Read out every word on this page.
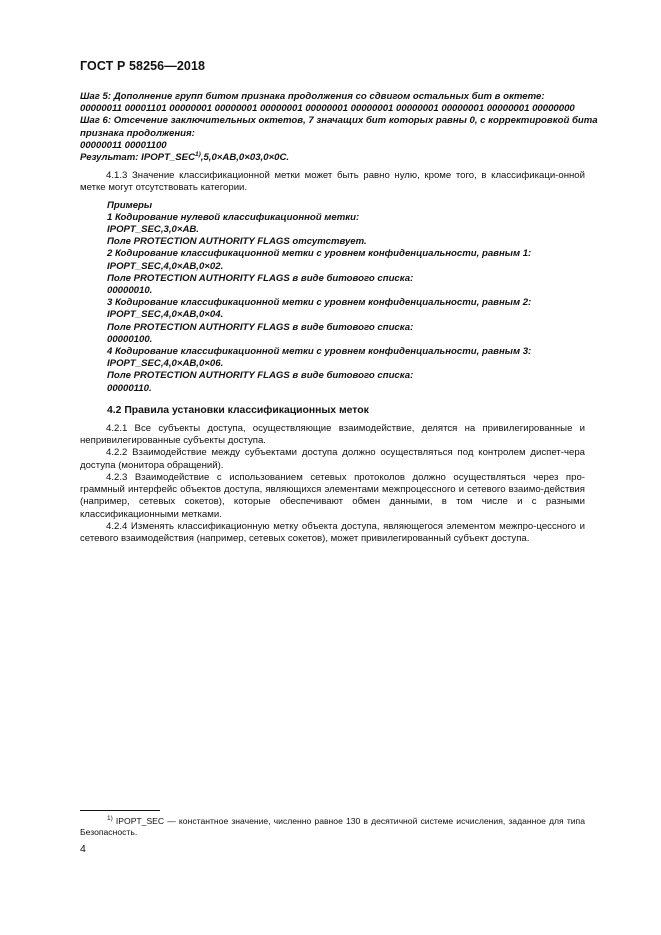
ГОСТ Р 58256—2018
Шаг 5: Дополнение групп битом признака продолжения со сдвигом остальных бит в октете:
00000011 00001101 00000001 00000001 00000001 00000001 00000001 00000001 00000001 00000001 00000000
Шаг 6: Отсечение заключительных октетов, 7 значащих бит которых равны 0, с корректировкой бита
признака продолжения:
00000011 00001100
Результат: $IPOPT\_SEC^{1)},5,0\times AB,0\times 03,0\times 0C$.

4.1.3 Значение классификационной метки может быть равно нулю, кроме того, в классификаци-онной метке могут отсутствовать категории.

Примеры
1 Кодирование нулевой классификационной метки:
IPOPT_SEC,3,0×AB.
Поле PROTECTION AUTHORITY FLAGS отсутствует.
2 Кодирование классификационной метки с уровнем конфиденциальности, равным 1:
IPOPT_SEC,4,0×AB,0×02.
Поле PROTECTION AUTHORITY FLAGS в виде битового списка:
00000010.
3 Кодирование классификационной метки с уровнем конфиденциальности, равным 2:
IPOPT_SEC,4,0×AB,0×04.
Поле PROTECTION AUTHORITY FLAGS в виде битового списка:
00000100.
4 Кодирование классификационной метки с уровнем конфиденциальности, равным 3:
IPOPT_SEC,4,0×AB,0×06.
Поле PROTECTION AUTHORITY FLAGS в виде битового списка:
00000110.
4.2 Правила установки классификационных меток

4.2.1 Все субъекты доступа, осуществляющие взаимодействие, делятся на привилегированные и непривилегированные субъекты доступа.

4.2.2 Взаимодействие между субъектами доступа должно осуществляться под контролем диспет-чера доступа (монитора обращений).

4.2.3 Взаимодействие с использованием сетевых протоколов должно осуществляться через про-граммный интерфейс объектов доступа, являющихся элементами межпроцессного и сетевого взаимо-действия (например, сетевых сокетов), которые обеспечивают обмен данными, в том числе и с разными классификационными метками.

4.2.4 Изменять классификационную метку объекта доступа, являющегося элементом межпро-цессного и сетевого взаимодействия (например, сетевых сокетов), может привилегированный субъект доступа.

$^{1)}$ IPOPT_SEC — константное значение, численно равное 130 в десятичной системе исчисления, заданное для типа Безопасность.
4
